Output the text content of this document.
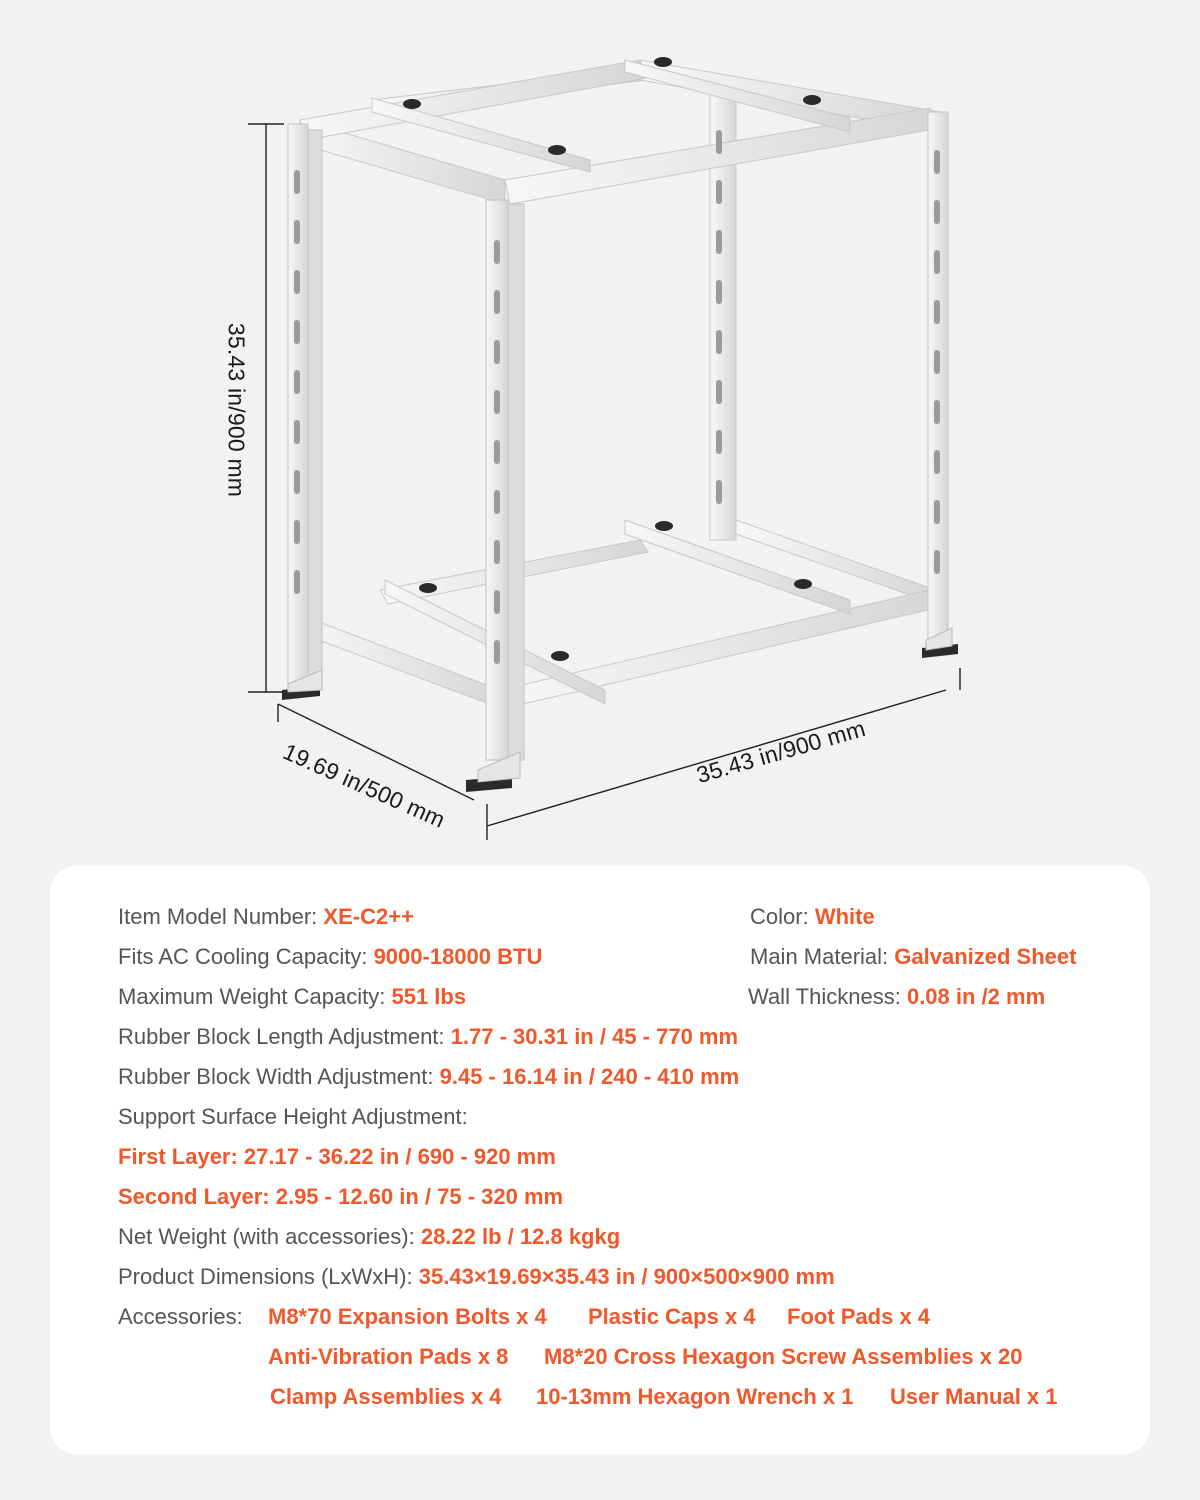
35.43 in/900 mm
35.43 in/900 mm
19.69 in/500 mm
Item Model Number: XE-C2++	Color: White
Fits AC Cooling Capacity: 9000-18000 BTU	Main Material: Galvanized Sheet
Maximum Weight Capacity: 551 lbs	Wall Thickness: 0.08 in /2 mm
Rubber Block Length Adjustment: 1.77 - 30.31 in / 45 - 770 mm
Rubber Block Width Adjustment: 9.45 - 16.14 in / 240 - 410 mm
Support Surface Height Adjustment:
First Layer: 27.17 - 36.22 in / 690 - 920 mm
Second Layer: 2.95 - 12.60 in / 75 - 320 mm
Net Weight (with accessories): 28.22 lb / 12.8 kgkg
Product Dimensions (LxWxH): 35.43×19.69×35.43 in / 900×500×900 mm
Accessories: M8*70 Expansion Bolts x 4 Plastic Caps x 4 Foot Pads x 4
Anti-Vibration Pads x 8 M8*20 Cross Hexagon Screw Assemblies x 20
Clamp Assemblies x 4 10-13mm Hexagon Wrench x 1 User Manual x 1
